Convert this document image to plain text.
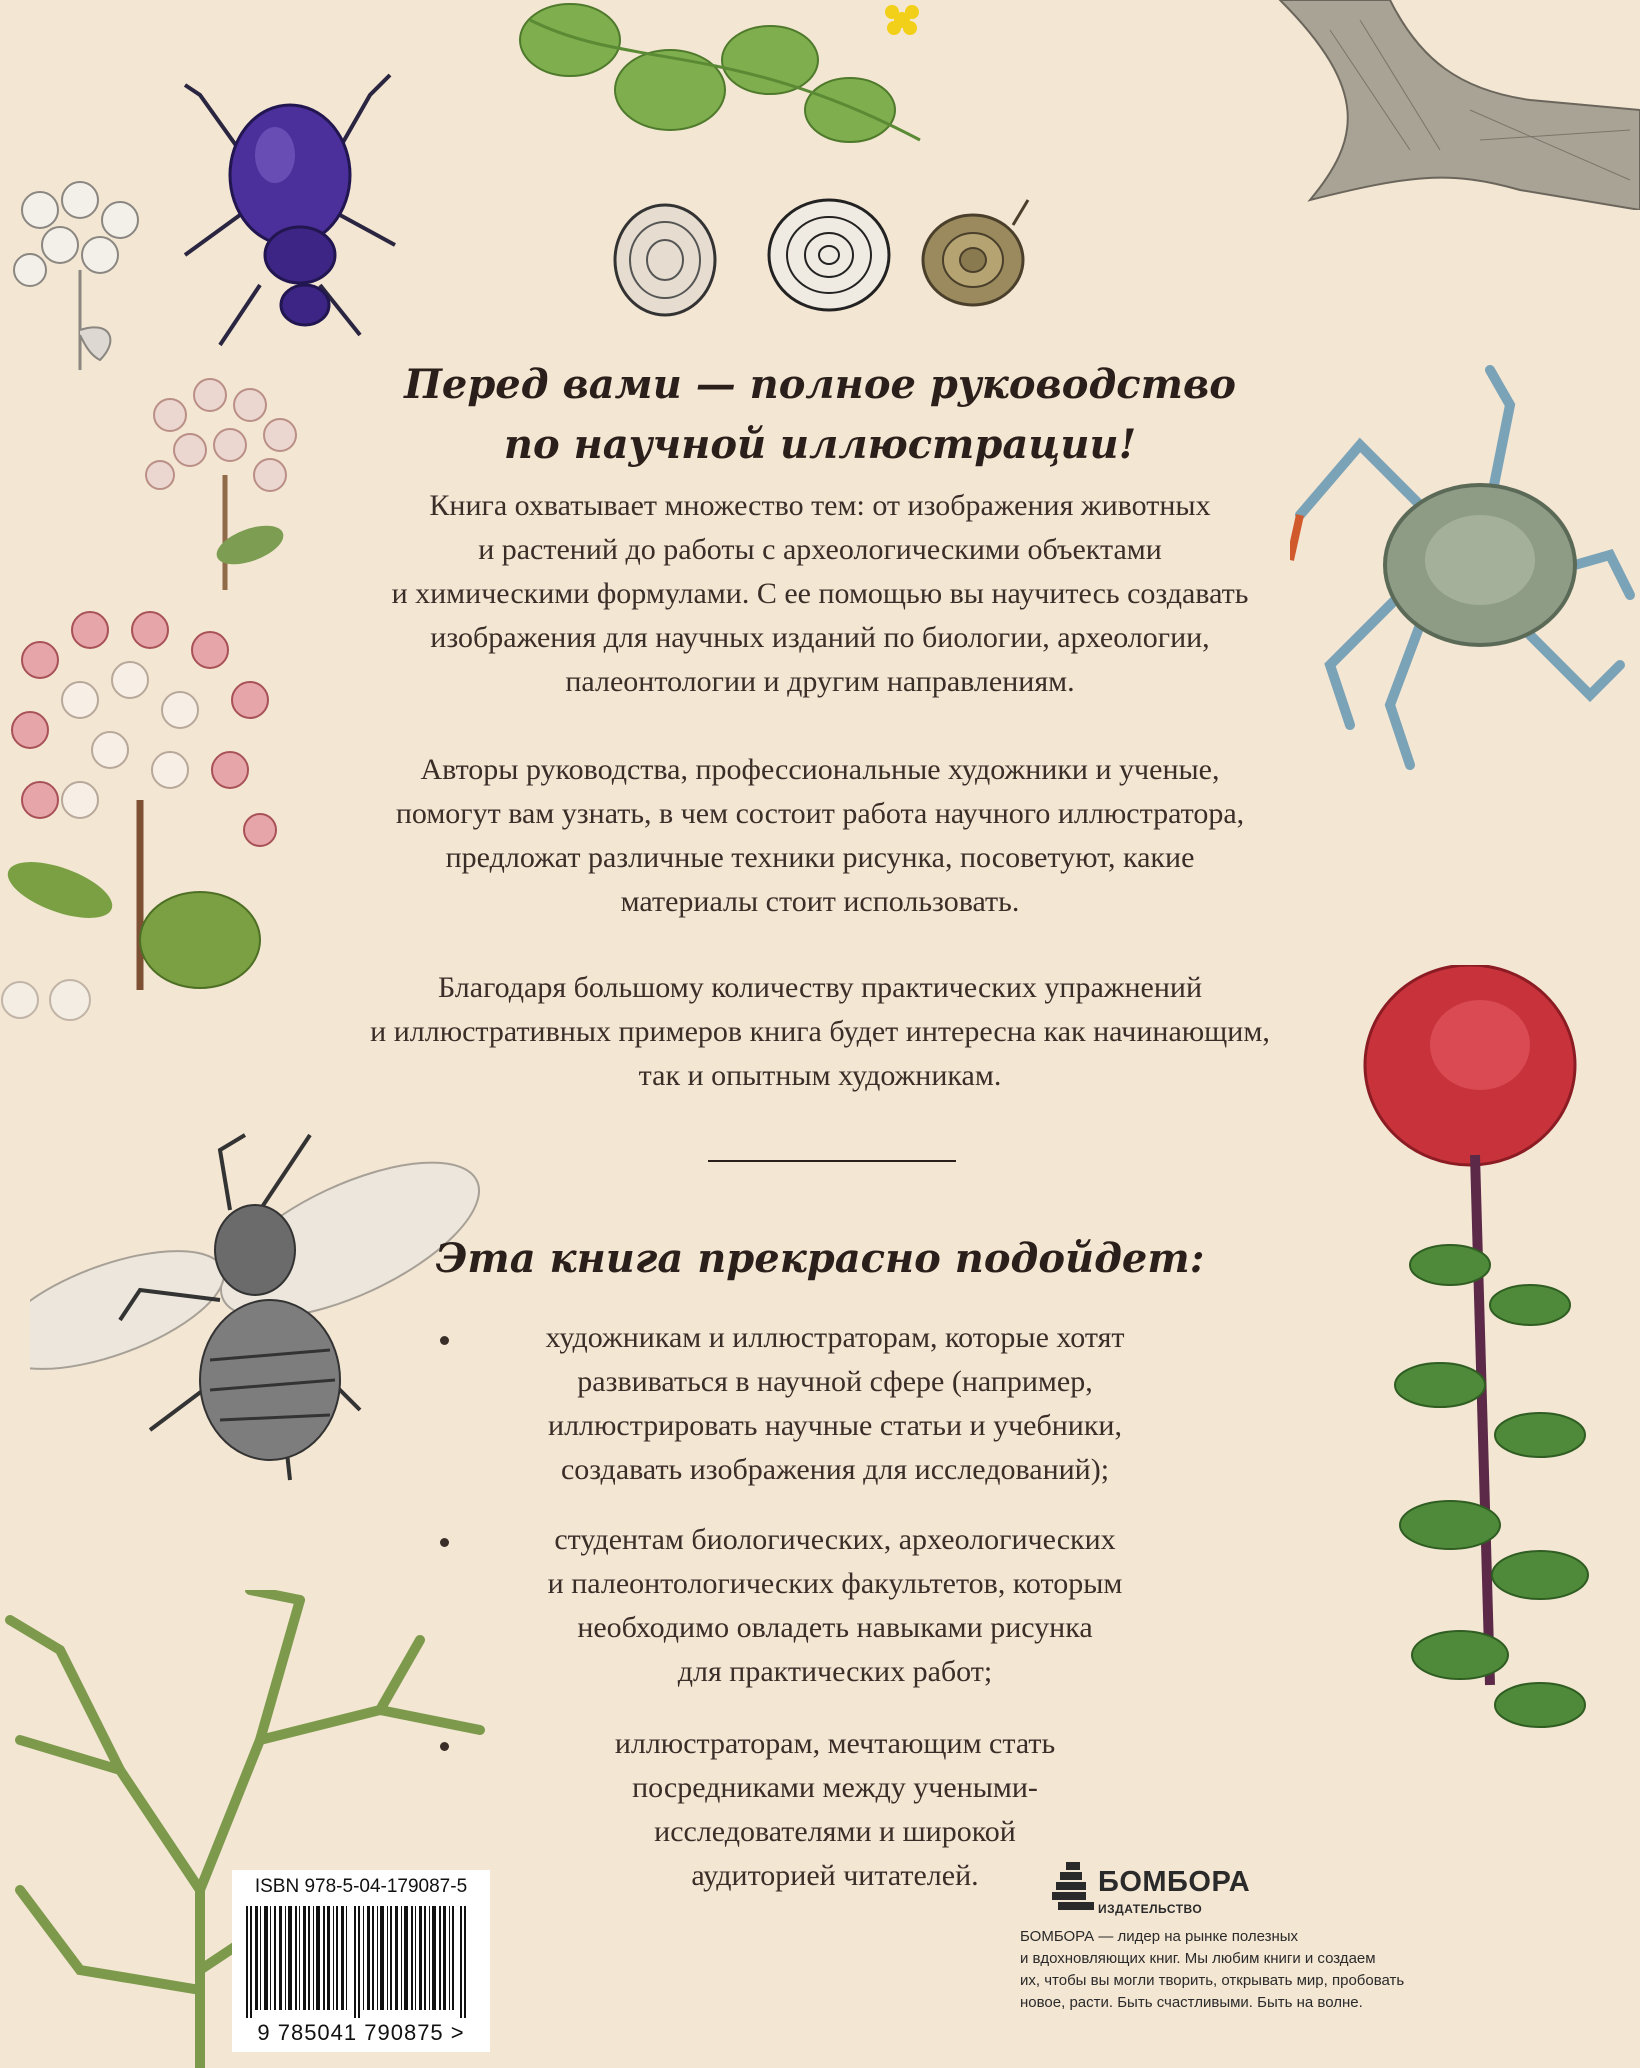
Перед вами — полное руководство
по научной иллюстрации!
Книга охватывает множество тем: от изображения животных
и растений до работы с археологическими объектами
и химическими формулами. С ее помощью вы научитесь создавать
изображения для научных изданий по биологии, археологии,
палеонтологии и другим направлениям.
Авторы руководства, профессиональные художники и ученые,
помогут вам узнать, в чем состоит работа научного иллюстратора,
предложат различные техники рисунка, посоветуют, какие
материалы стоит использовать.
Благодаря большому количеству практических упражнений
и иллюстративных примеров книга будет интересна как начинающим,
так и опытным художникам.
Эта книга прекрасно подойдет:
художникам и иллюстраторам, которые хотят
развиваться в научной сфере (например,
иллюстрировать научные статьи и учебники,
создавать изображения для исследований);
студентам биологических, археологических
и палеонтологических факультетов, которым
необходимо овладеть навыками рисунка
для практических работ;
иллюстраторам, мечтающим стать
посредниками между учеными-
исследователями и широкой
аудиторией читателей.
ISBN 978-5-04-179087-5
9 785041 790875 >
БОМБОРА
ИЗДАТЕЛЬСТВО
БОМБОРА — лидер на рынке полезных
и вдохновляющих книг. Мы любим книги и создаем
их, чтобы вы могли творить, открывать мир, пробовать
новое, расти. Быть счастливыми. Быть на волне.
